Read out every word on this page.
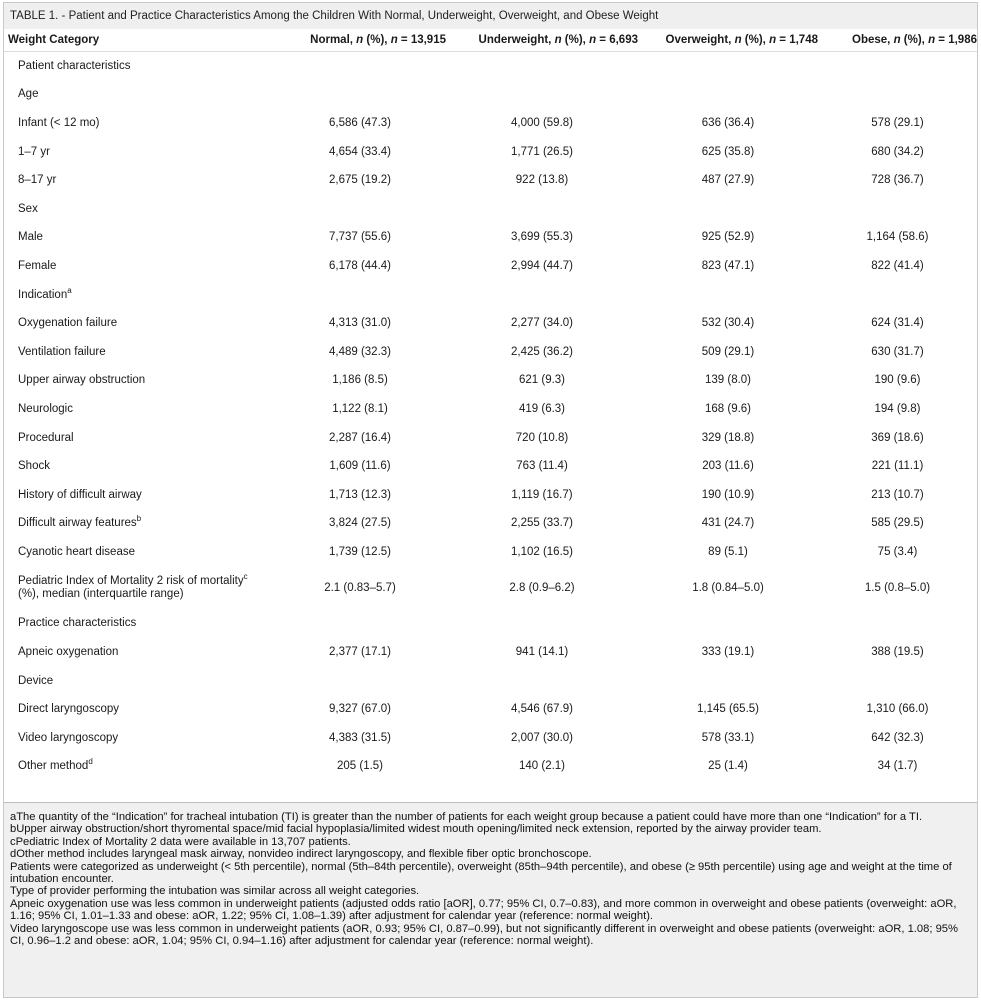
TABLE 1. - Patient and Practice Characteristics Among the Children With Normal, Underweight, Overweight, and Obese Weight
Weight Category	Normal, n (%), n = 13,915	Underweight, n (%), n = 6,693	Overweight, n (%), n = 1,748	Obese, n (%), n = 1,986
Patient characteristics				
Age				
Infant (< 12 mo)	6,586 (47.3)	4,000 (59.8)	636 (36.4)	578 (29.1)
1–7 yr	4,654 (33.4)	1,771 (26.5)	625 (35.8)	680 (34.2)
8–17 yr	2,675 (19.2)	922 (13.8)	487 (27.9)	728 (36.7)
Sex				
Male	7,737 (55.6)	3,699 (55.3)	925 (52.9)	1,164 (58.6)
Female	6,178 (44.4)	2,994 (44.7)	823 (47.1)	822 (41.4)
Indication$^a$				
Oxygenation failure	4,313 (31.0)	2,277 (34.0)	532 (30.4)	624 (31.4)
Ventilation failure	4,489 (32.3)	2,425 (36.2)	509 (29.1)	630 (31.7)
Upper airway obstruction	1,186 (8.5)	621 (9.3)	139 (8.0)	190 (9.6)
Neurologic	1,122 (8.1)	419 (6.3)	168 (9.6)	194 (9.8)
Procedural	2,287 (16.4)	720 (10.8)	329 (18.8)	369 (18.6)
Shock	1,609 (11.6)	763 (11.4)	203 (11.6)	221 (11.1)
History of difficult airway	1,713 (12.3)	1,119 (16.7)	190 (10.9)	213 (10.7)
Difficult airway features$^b$	3,824 (27.5)	2,255 (33.7)	431 (24.7)	585 (29.5)
Cyanotic heart disease	1,739 (12.5)	1,102 (16.5)	89 (5.1)	75 (3.4)
Pediatric Index of Mortality 2 risk of mortality$^c$ (%), median (interquartile range)	2.1 (0.83–5.7)	2.8 (0.9–6.2)	1.8 (0.84–5.0)	1.5 (0.8–5.0)
Practice characteristics				
Apneic oxygenation	2,377 (17.1)	941 (14.1)	333 (19.1)	388 (19.5)
Device				
Direct laryngoscopy	9,327 (67.0)	4,546 (67.9)	1,145 (65.5)	1,310 (66.0)
Video laryngoscopy	4,383 (31.5)	2,007 (30.0)	578 (33.1)	642 (32.3)
Other method$^d$	205 (1.5)	140 (2.1)	25 (1.4)	34 (1.7)

aThe quantity of the “Indication” for tracheal intubation (TI) is greater than the number of patients for each weight group because a patient could have more than one “Indication” for a TI.

bUpper airway obstruction/short thyromental space/mid facial hypoplasia/limited widest mouth opening/limited neck extension, reported by the airway provider team.

cPediatric Index of Mortality 2 data were available in 13,707 patients.

dOther method includes laryngeal mask airway, nonvideo indirect laryngoscopy, and flexible fiber optic bronchoscope.

Patients were categorized as underweight (< 5th percentile), normal (5th–84th percentile), overweight (85th–94th percentile), and obese (≥ 95th percentile) using age and weight at the time of intubation encounter.

Type of provider performing the intubation was similar across all weight categories.

Apneic oxygenation use was less common in underweight patients (adjusted odds ratio [aOR], 0.77; 95% CI, 0.7–0.83), and more common in overweight and obese patients (overweight: aOR, 1.16; 95% CI, 1.01–1.33 and obese: aOR, 1.22; 95% CI, 1.08–1.39) after adjustment for calendar year (reference: normal weight).

Video laryngoscope use was less common in underweight patients (aOR, 0.93; 95% CI, 0.87–0.99), but not significantly different in overweight and obese patients (overweight: aOR, 1.08; 95% CI, 0.96–1.2 and obese: aOR, 1.04; 95% CI, 0.94–1.16) after adjustment for calendar year (reference: normal weight).
